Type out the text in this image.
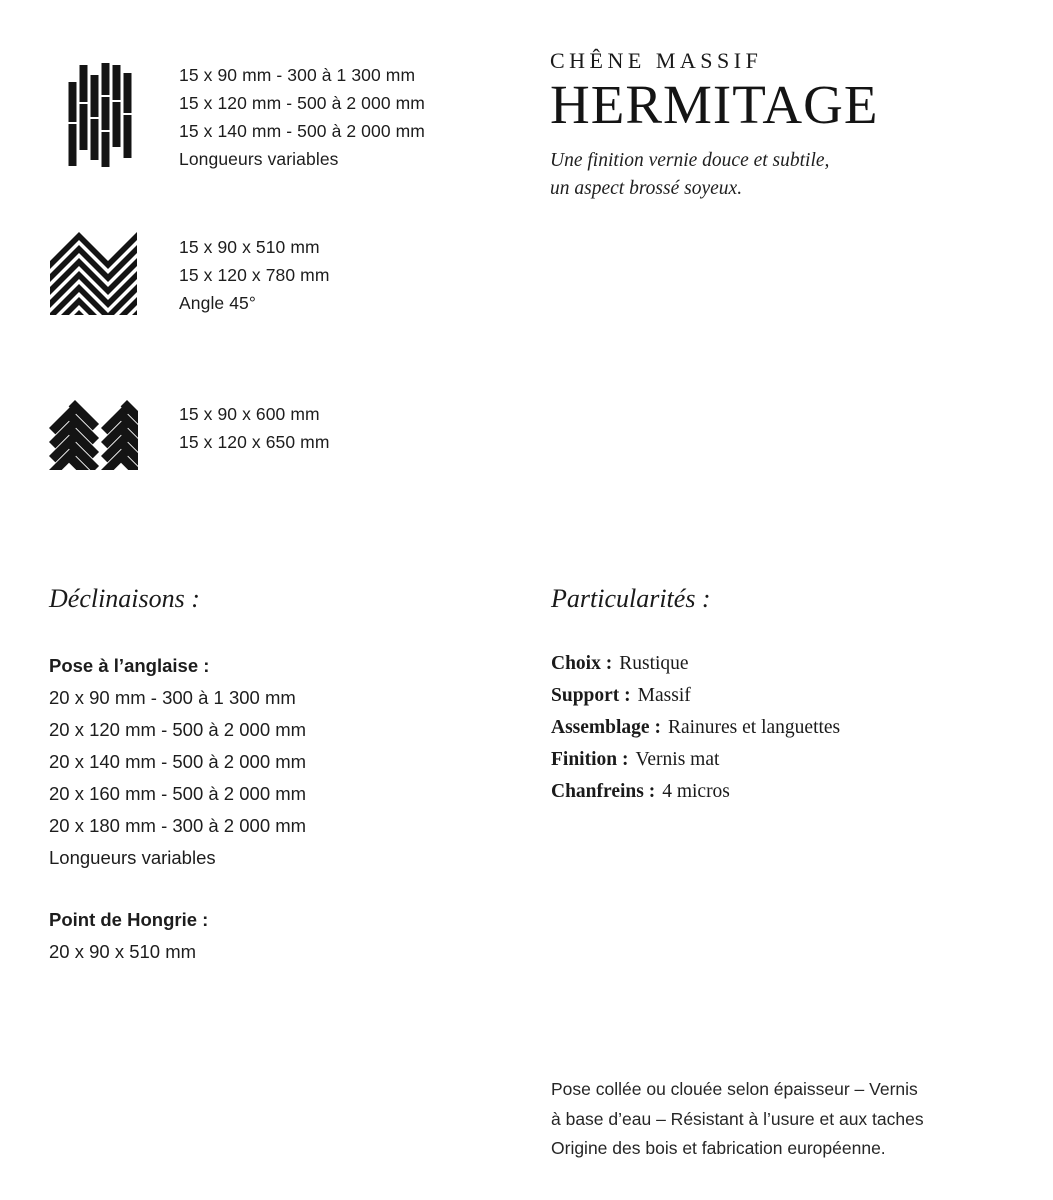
15 x 90 mm - 300 à 1 300 mm
15 x 120 mm - 500 à 2 000 mm
15 x 140 mm - 500 à 2 000 mm
Longueurs variables
15 x 90 x 510 mm
15 x 120 x 780 mm
Angle 45°
15 x 90 x 600 mm
15 x 120 x 650 mm
CHÊNE MASSIF
HERMITAGE
Une finition vernie douce et subtile,
un aspect brossé soyeux.
Déclinaisons :
Pose à l’anglaise :
20 x 90 mm - 300 à 1 300 mm
20 x 120 mm - 500 à 2 000 mm
20 x 140 mm - 500 à 2 000 mm
20 x 160 mm - 500 à 2 000 mm
20 x 180 mm - 300 à 2 000 mm
Longueurs variables
Point de Hongrie :
20 x 90 x 510 mm
Particularités :
Choix : Rustique
Support : Massif
Assemblage : Rainures et languettes
Finition : Vernis mat
Chanfreins : 4 micros
Pose collée ou clouée selon épaisseur – Vernis
à base d’eau – Résistant à l’usure et aux taches
Origine des bois et fabrication européenne.
